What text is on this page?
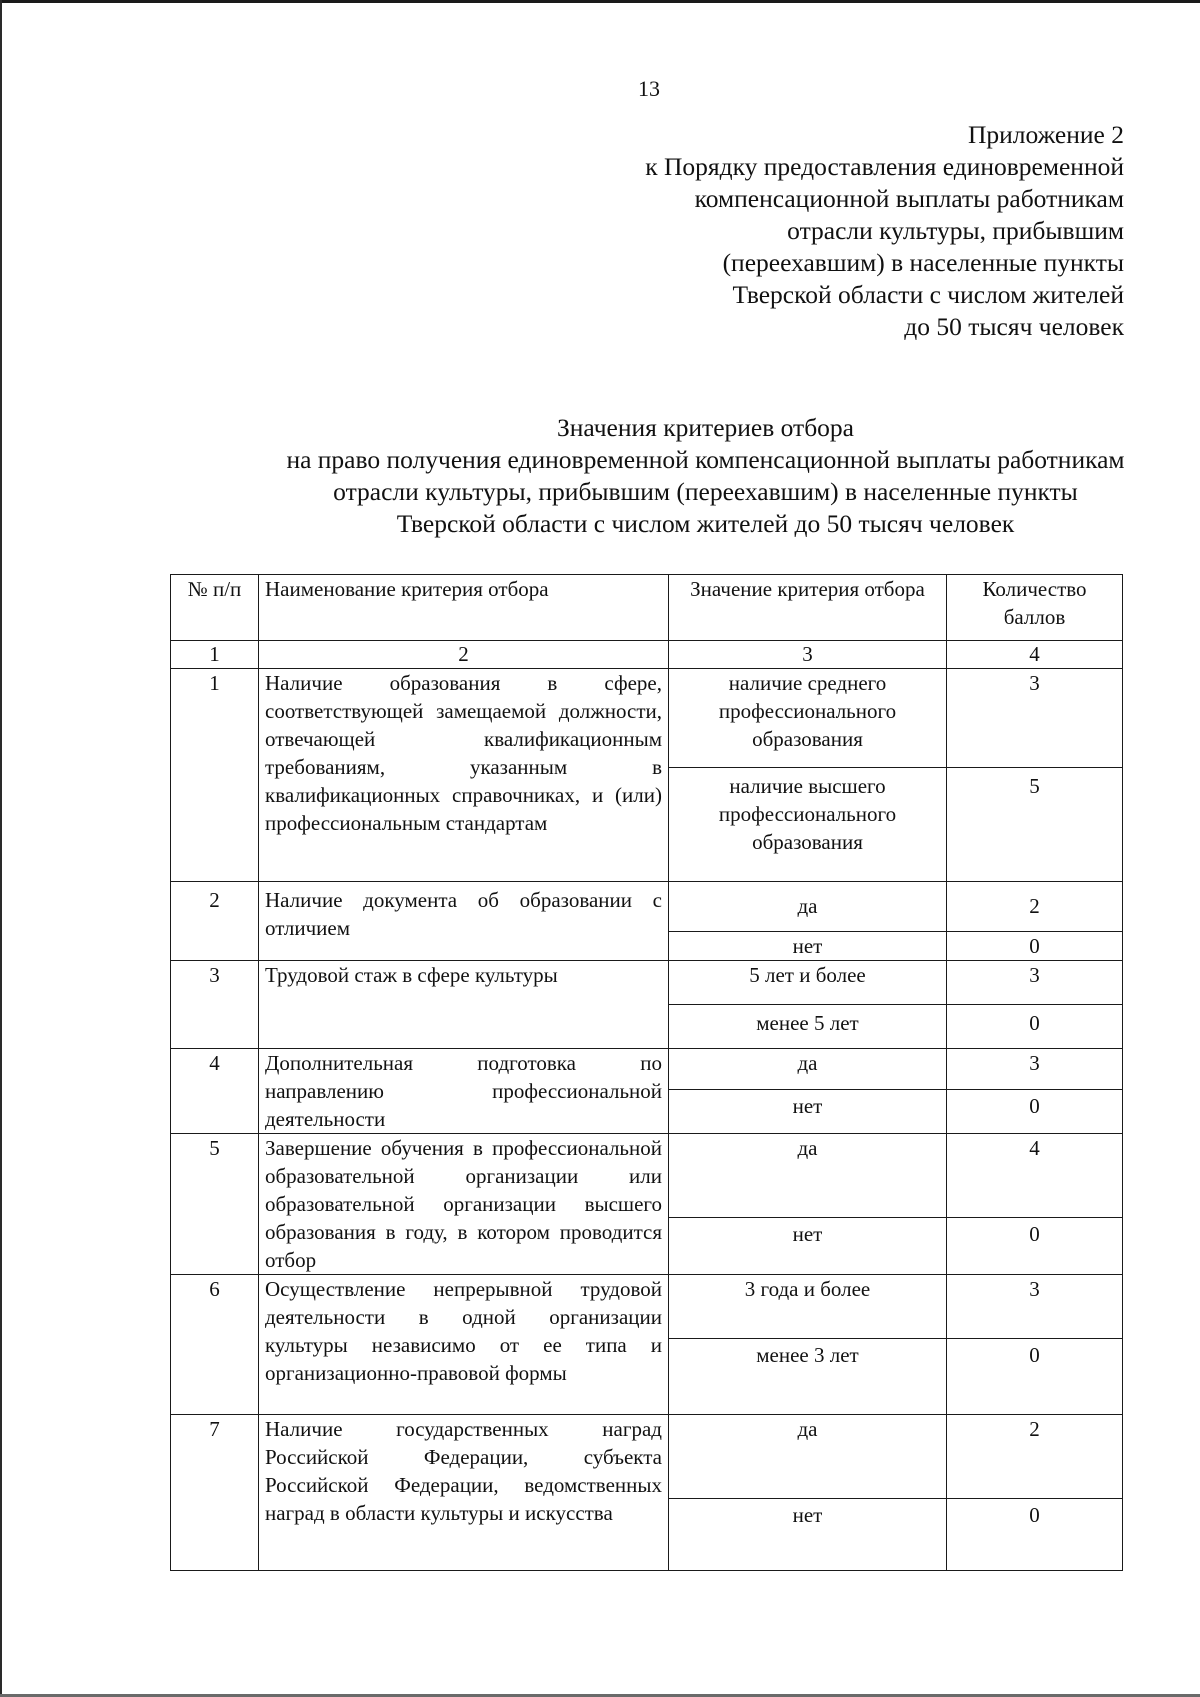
13
Приложение 2
к Порядку предоставления единовременной
компенсационной выплаты работникам
отрасли культуры, прибывшим
(переехавшим) в населенные пункты
Тверской области с числом жителей
до 50 тысяч человек
Значения критериев отбора
на право получения единовременной компенсационной выплаты работникам
отрасли культуры, прибывшим (переехавшим) в населенные пункты
Тверской области с числом жителей до 50 тысяч человек
№ п/п	Наименование критерия отбора	Значение критерия отбора	Количество баллов
1	2	3	4
1	Наличие образования в сфере, соответствующей замещаемой должности, отвечающей квалификационным требованиям, указанным в квалификационных справочниках, и (или) профессиональным стандартам	наличие среднего профессионального образования	3
		наличие высшего профессионального образования	5
2	Наличие документа об образовании с отличием	да	2
		нет	0
3	Трудовой стаж в сфере культуры	5 лет и более	3
		менее 5 лет	0
4	Дополнительная подготовка по направлению профессиональной деятельности	да	3
		нет	0
5	Завершение обучения в профессиональной образовательной организации или образовательной организации высшего образования в году, в котором проводится отбор	да	4
		нет	0
6	Осуществление непрерывной трудовой деятельности в одной организации культуры независимо от ее типа и организационно-правовой формы	3 года и более	3
		менее 3 лет	0
7	Наличие государственных наград Российской Федерации, субъекта Российской Федерации, ведомственных наград в области культуры и искусства	да	2
		нет	0
